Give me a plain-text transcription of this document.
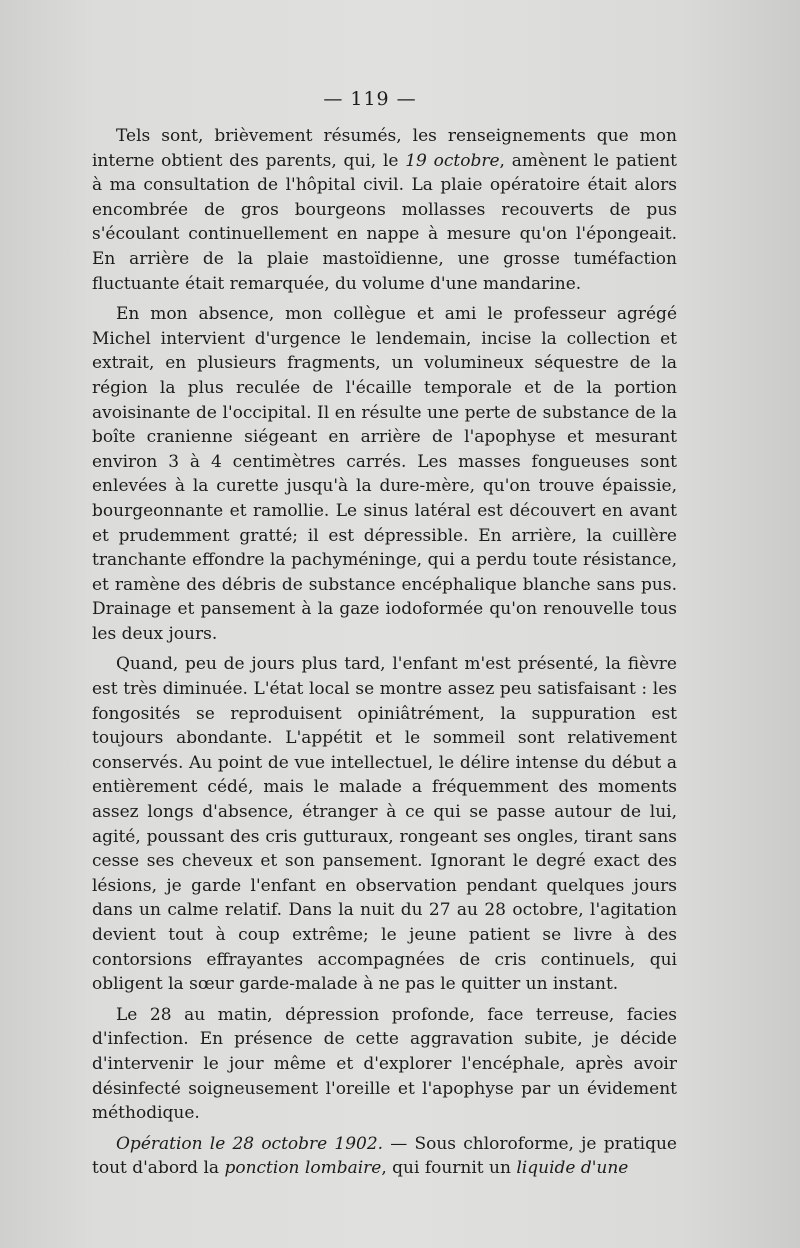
— 119 —

Tels sont, brièvement résumés, les renseignements que mon interne obtient des parents, qui, le 19 octobre, amènent le patient à ma consultation de l'hôpital civil. La plaie opératoire était alors encombrée de gros bourgeons mollasses recouverts de pus s'écoulant continuellement en nappe à mesure qu'on l'épongeait. En arrière de la plaie mastoïdienne, une grosse tuméfaction fluctuante était remarquée, du volume d'une mandarine.

En mon absence, mon collègue et ami le professeur agrégé Michel intervient d'urgence le lendemain, incise la collection et extrait, en plusieurs fragments, un volumineux séquestre de la région la plus reculée de l'écaille temporale et de la portion avoisinante de l'occipital. Il en résulte une perte de substance de la boîte cranienne siégeant en arrière de l'apophyse et mesurant environ 3 à 4 centimètres carrés. Les masses fongueuses sont enlevées à la curette jusqu'à la dure-mère, qu'on trouve épaissie, bourgeonnante et ramollie. Le sinus latéral est découvert en avant et prudemment gratté; il est dépressible. En arrière, la cuillère tranchante effondre la pachyméninge, qui a perdu toute résistance, et ramène des débris de substance encéphalique blanche sans pus. Drainage et pansement à la gaze iodoformée qu'on renouvelle tous les deux jours.

Quand, peu de jours plus tard, l'enfant m'est présenté, la fièvre est très diminuée. L'état local se montre assez peu satisfaisant : les fongosités se reproduisent opiniâtrément, la suppuration est toujours abondante. L'appétit et le sommeil sont relativement conservés. Au point de vue intellectuel, le délire intense du début a entièrement cédé, mais le malade a fréquemment des moments assez longs d'absence, étranger à ce qui se passe autour de lui, agité, poussant des cris gutturaux, rongeant ses ongles, tirant sans cesse ses cheveux et son pansement. Ignorant le degré exact des lésions, je garde l'enfant en observation pendant quelques jours dans un calme relatif. Dans la nuit du 27 au 28 octobre, l'agitation devient tout à coup extrême; le jeune patient se livre à des contorsions effrayantes accompagnées de cris continuels, qui obligent la sœur garde-malade à ne pas le quitter un instant.

Le 28 au matin, dépression profonde, face terreuse, facies d'infection. En présence de cette aggravation subite, je décide d'intervenir le jour même et d'explorer l'encéphale, après avoir désinfecté soigneusement l'oreille et l'apophyse par un évidement méthodique.

Opération le 28 octobre 1902. — Sous chloroforme, je pratique tout d'abord la ponction lombaire, qui fournit un liquide d'une
